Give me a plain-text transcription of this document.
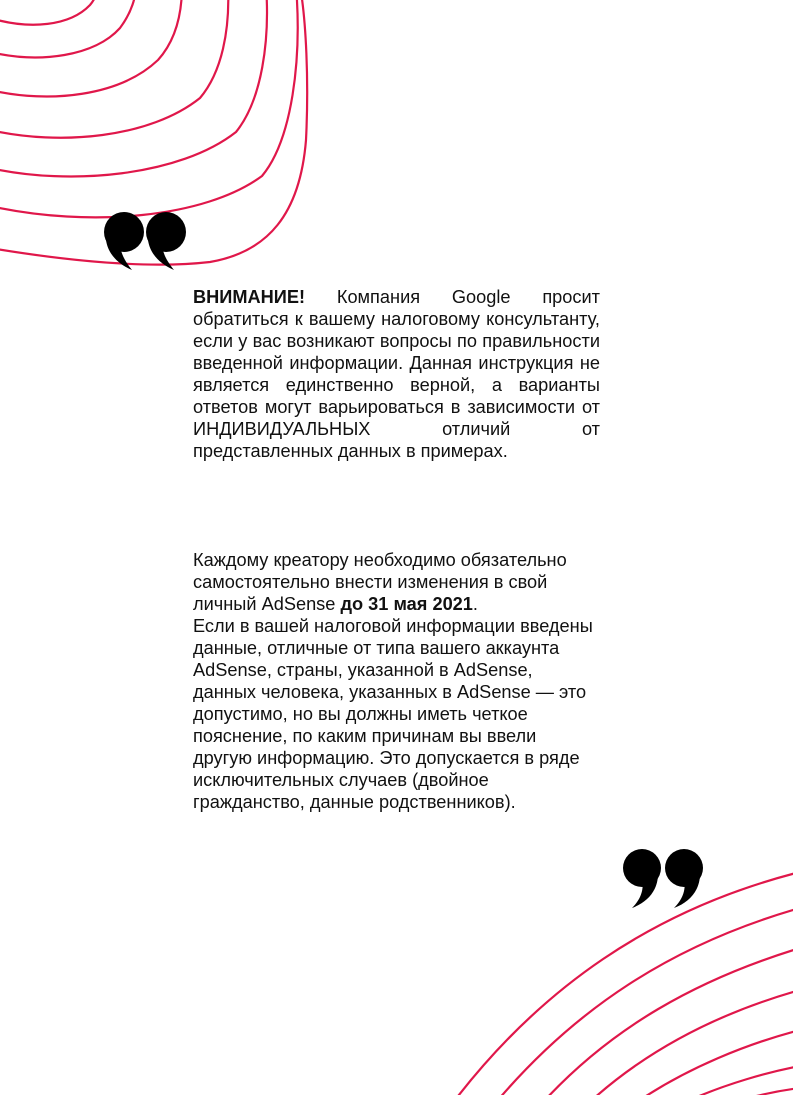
ВНИМАНИЕ! Компания Google просит обратиться к вашему налоговому консультанту, если у вас возникают вопросы по правильности введенной информации. Данная инструкция не является единственно верной, а варианты ответов могут варьироваться в зависимости от ИНДИВИДУАЛЬНЫХ отличий от представленных данных в примерах.

Каждому креатору необходимо обязательно самостоятельно внести изменения в свой личный AdSense до 31 мая 2021.

Если в вашей налоговой информации введены данные, отличные от типа вашего аккаунта AdSense, страны, указанной в AdSense, данных человека, указанных в AdSense — это допустимо, но вы должны иметь четкое пояснение, по каким причинам вы ввели другую информацию. Это допускается в ряде исключительных случаев (двойное гражданство, данные родственников).
